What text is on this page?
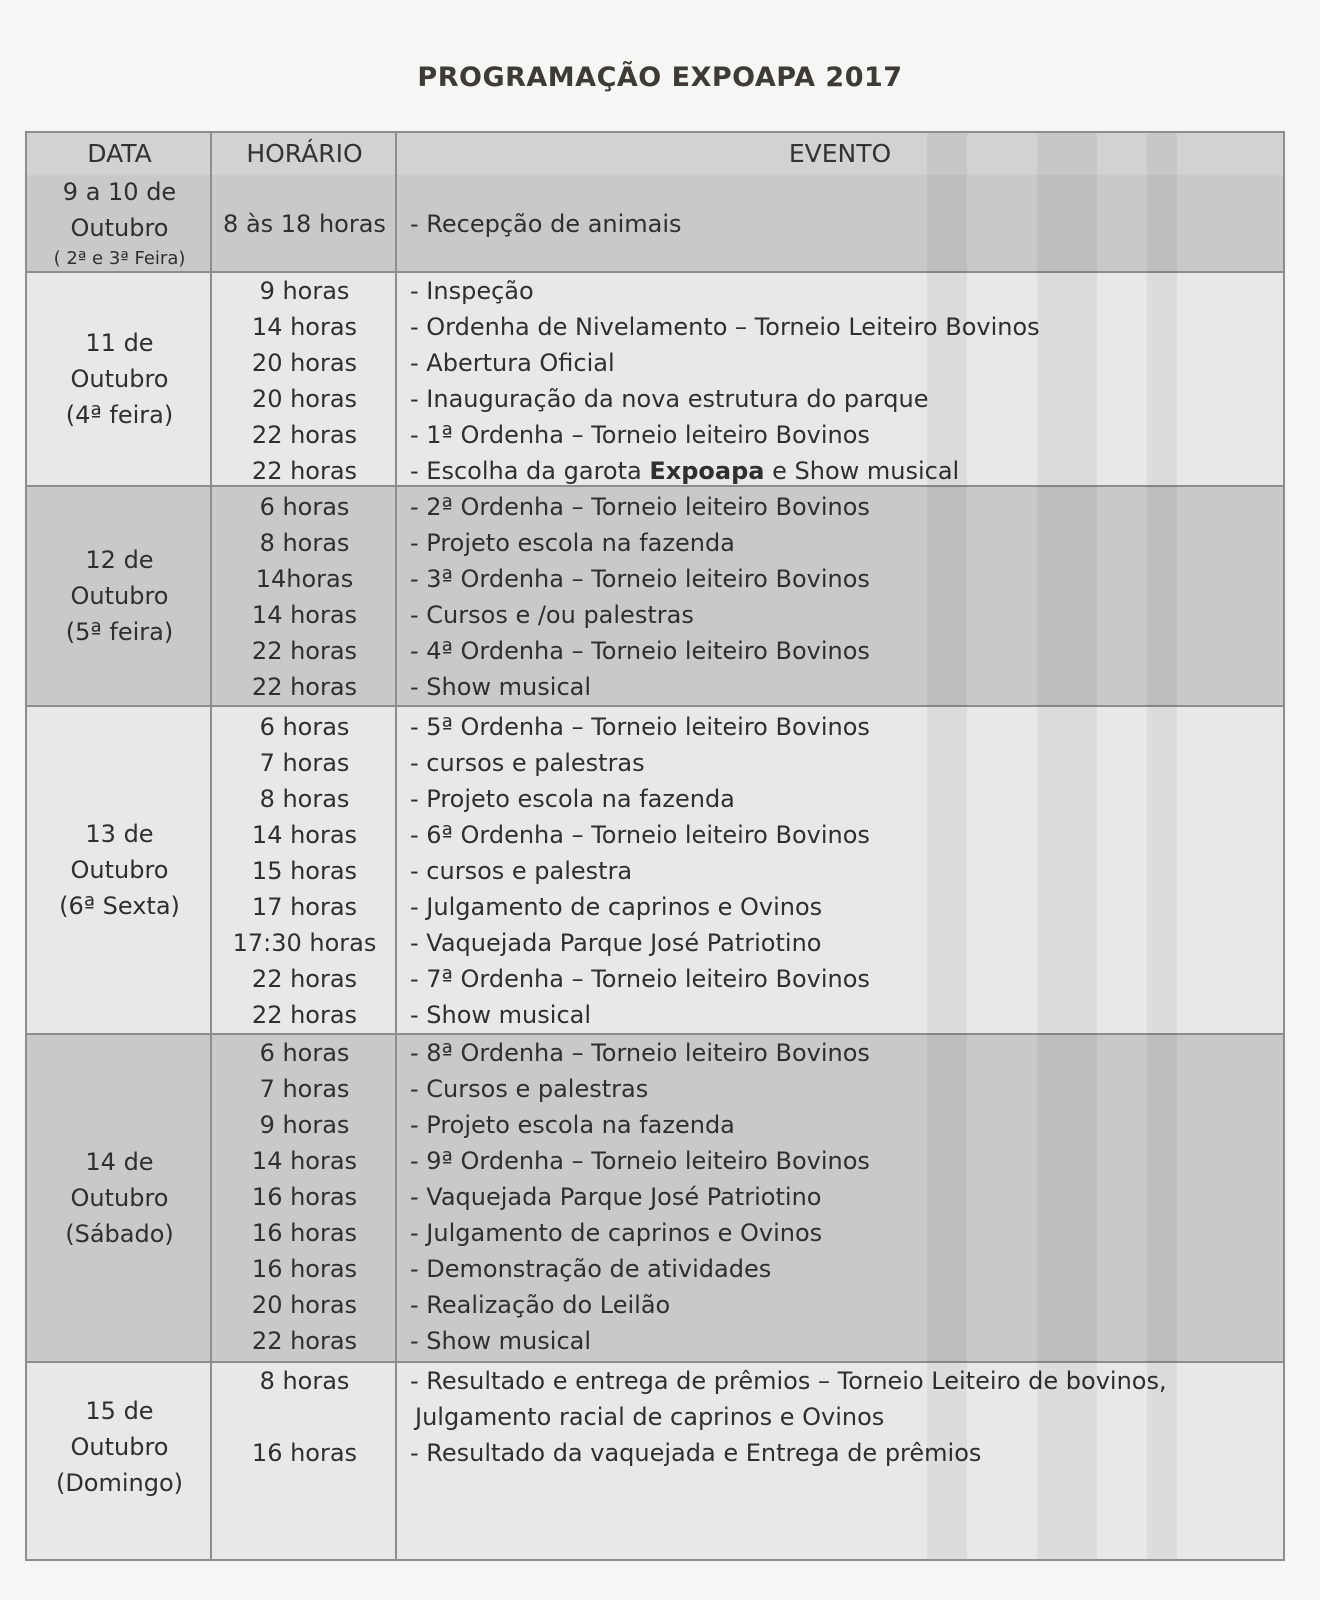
PROGRAMAÇÃO EXPOAPA 2017
DATA	HORÁRIO	EVENTO
9 a 10 de
Outubro
( 2ª e 3ª Feira)
8 às 18 horas	- Recepção de animais
11 de
Outubro
(4ª feira)
9 horas	- Inspeção
14 horas	- Ordenha de Nivelamento – Torneio Leiteiro Bovinos
20 horas	- Abertura Oficial
20 horas	- Inauguração da nova estrutura do parque
22 horas	- 1ª Ordenha – Torneio leiteiro Bovinos
22 horas	- Escolha da garota Expoapa e Show musical
12 de
Outubro
(5ª feira)
6 horas	- 2ª Ordenha – Torneio leiteiro Bovinos
8 horas	- Projeto escola na fazenda
14horas	- 3ª Ordenha – Torneio leiteiro Bovinos
14 horas	- Cursos e /ou palestras
22 horas	- 4ª Ordenha – Torneio leiteiro Bovinos
22 horas	- Show musical
13 de
Outubro
(6ª Sexta)
6 horas	- 5ª Ordenha – Torneio leiteiro Bovinos
7 horas	- cursos e palestras
8 horas	- Projeto escola na fazenda
14 horas	- 6ª Ordenha – Torneio leiteiro Bovinos
15 horas	- cursos e palestra
17 horas	- Julgamento de caprinos e Ovinos
17:30 horas	- Vaquejada Parque José Patriotino
22 horas	- 7ª Ordenha – Torneio leiteiro Bovinos
22 horas	- Show musical
14 de
Outubro
(Sábado)
6 horas	- 8ª Ordenha – Torneio leiteiro Bovinos
7 horas	- Cursos e palestras
9 horas	- Projeto escola na fazenda
14 horas	- 9ª Ordenha – Torneio leiteiro Bovinos
16 horas	- Vaquejada Parque José Patriotino
16 horas	- Julgamento de caprinos e Ovinos
16 horas	- Demonstração de atividades
20 horas	- Realização do Leilão
22 horas	- Show musical
15 de
Outubro
(Domingo)
8 horas	- Resultado e entrega de prêmios – Torneio Leiteiro de bovinos,
Julgamento racial de caprinos e Ovinos
16 horas	- Resultado da vaquejada e Entrega de prêmios
